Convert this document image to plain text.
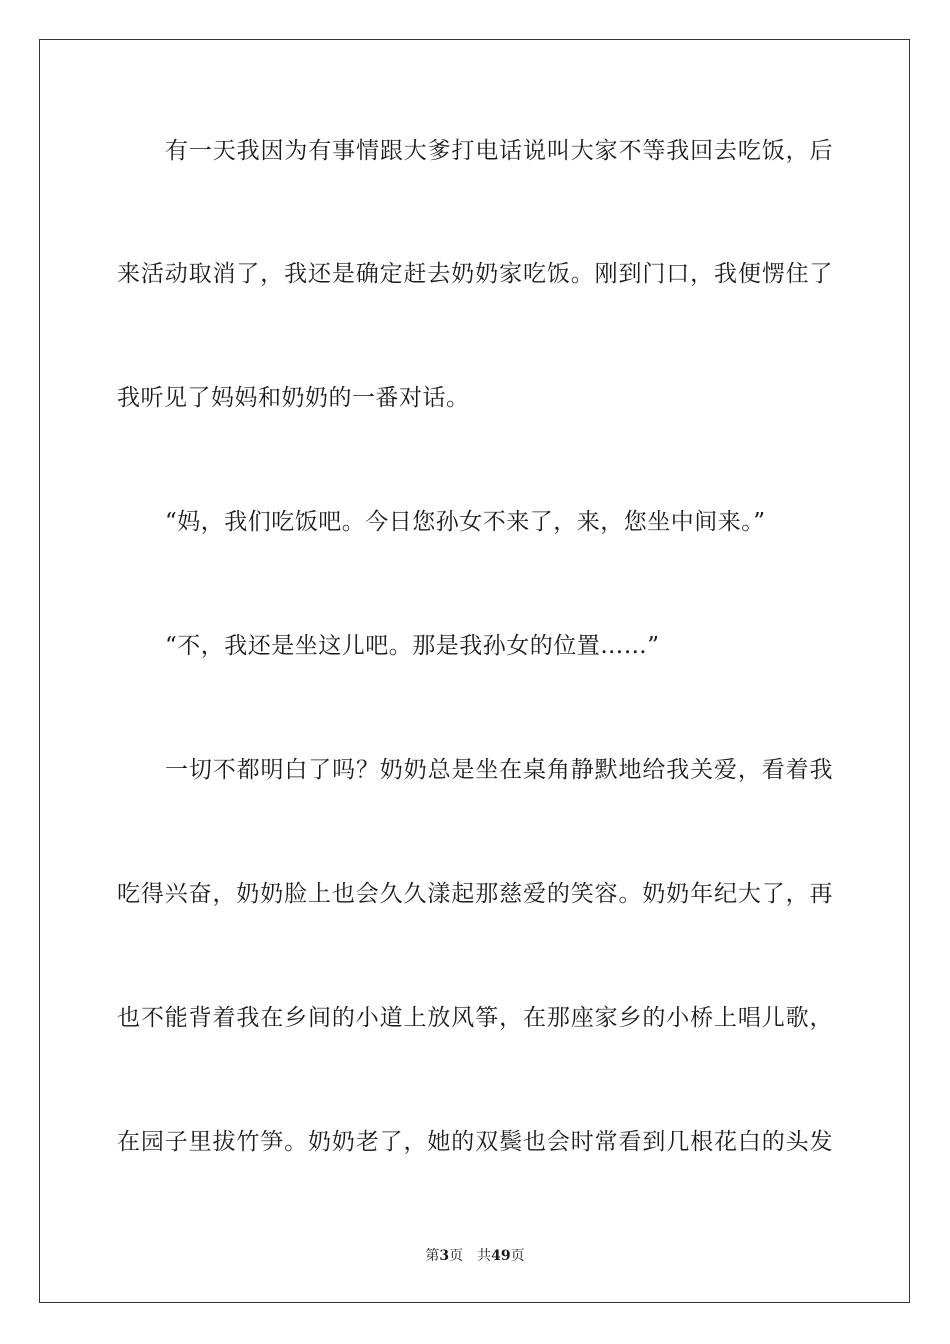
有一天我因为有事情跟大爹打电话说叫大家不等我回去吃饭，后
来活动取消了，我还是确定赶去奶奶家吃饭。刚到门口，我便愣住了
我听见了妈妈和奶奶的一番对话。
“妈，我们吃饭吧。今日您孙女不来了，来，您坐中间来。”
“不，我还是坐这儿吧。那是我孙女的位置……”
一切不都明白了吗？奶奶总是坐在桌角静默地给我关爱，看着我
吃得兴奋，奶奶脸上也会久久漾起那慈爱的笑容。奶奶年纪大了，再
也不能背着我在乡间的小道上放风筝，在那座家乡的小桥上唱儿歌，
在园子里拔竹笋。奶奶老了，她的双鬓也会时常看到几根花白的头发
第3页 共49页
